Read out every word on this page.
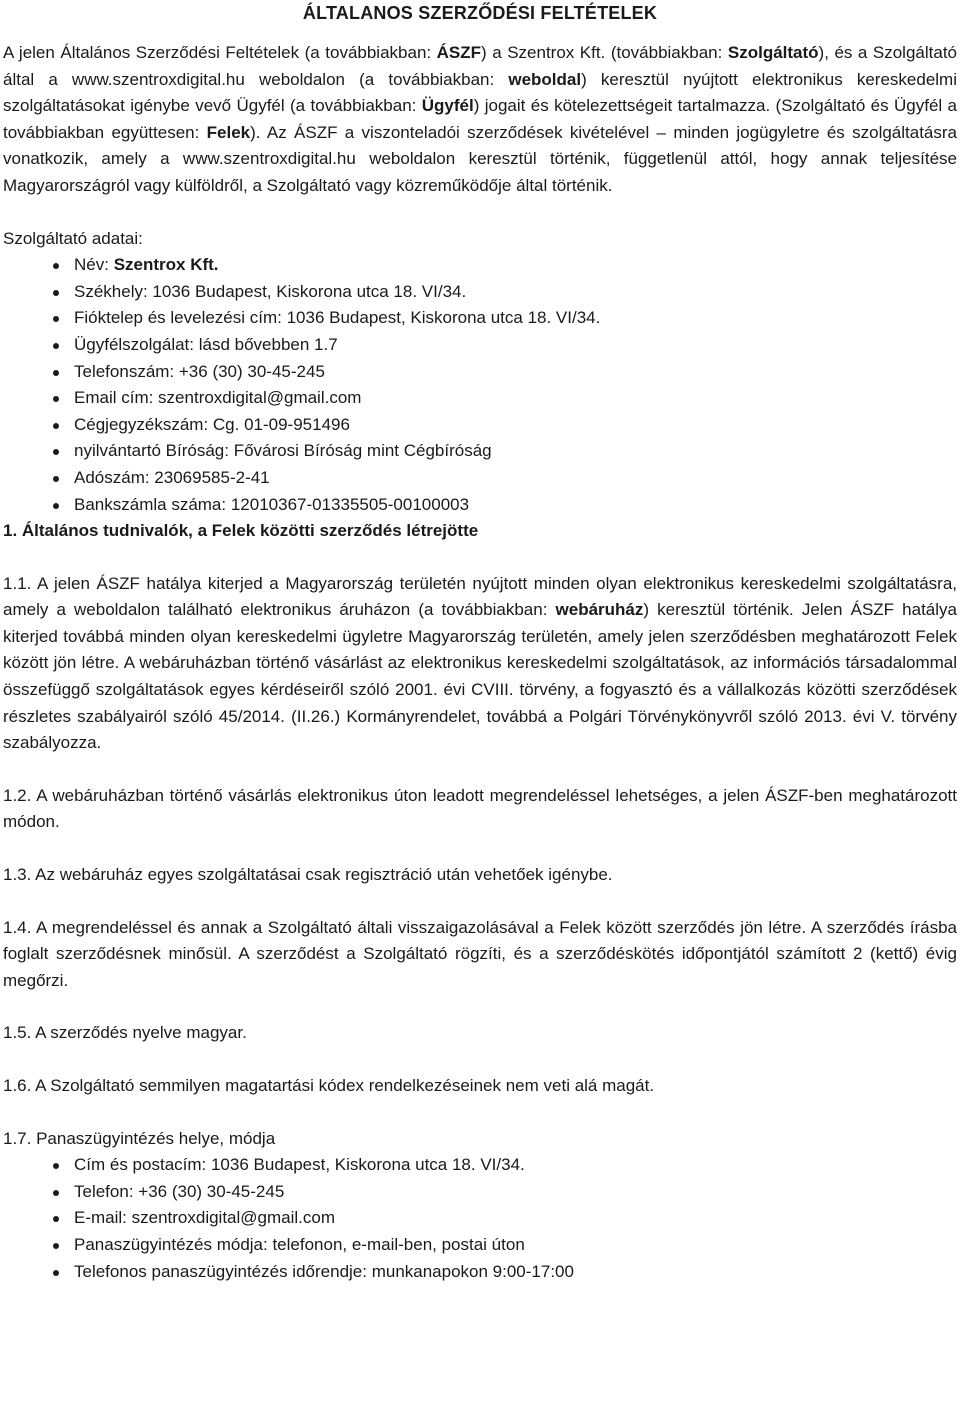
ÁLTALANOS SZERZŐDÉSI FELTÉTELEK

A jelen Általános Szerződési Feltételek (a továbbiakban: ÁSZF) a Szentrox Kft. (továbbiakban: Szolgáltató), és a Szolgáltató által a www.szentroxdigital.hu weboldalon (a továbbiakban: weboldal) keresztül nyújtott elektronikus kereskedelmi szolgáltatásokat igénybe vevő Ügyfél (a továbbiakban: Ügyfél) jogait és kötelezettségeit tartalmazza. (Szolgáltató és Ügyfél a továbbiakban együttesen: Felek). Az ÁSZF a viszonteladói szerződések kivételével – minden jogügyletre és szolgáltatásra vonatkozik, amely a www.szentroxdigital.hu weboldalon keresztül történik, függetlenül attól, hogy annak teljesítése Magyarországról vagy külföldről, a Szolgáltató vagy közreműködője által történik.

Szolgáltató adatai:

Név: Szentrox Kft.
Székhely: 1036 Budapest, Kiskorona utca 18. VI/34.
Fióktelep és levelezési cím: 1036 Budapest, Kiskorona utca 18. VI/34.
Ügyfélszolgálat: lásd bővebben 1.7
Telefonszám: +36 (30) 30-45-245
Email cím: szentroxdigital@gmail.com
Cégjegyzékszám: Cg. 01-09-951496
nyilvántartó Bíróság: Fővárosi Bíróság mint Cégbíróság
Adószám: 23069585-2-41
Bankszámla száma: 12010367-01335505-00100003

1. Általános tudnivalók, a Felek közötti szerződés létrejötte

1.1. A jelen ÁSZF hatálya kiterjed a Magyarország területén nyújtott minden olyan elektronikus kereskedelmi szolgáltatásra, amely a weboldalon található elektronikus áruházon (a továbbiakban: webáruház) keresztül történik. Jelen ÁSZF hatálya kiterjed továbbá minden olyan kereskedelmi ügyletre Magyarország területén, amely jelen szerződésben meghatározott Felek között jön létre. A webáruházban történő vásárlást az elektronikus kereskedelmi szolgáltatások, az információs társadalommal összefüggő szolgáltatások egyes kérdéseiről szóló 2001. évi CVIII. törvény, a fogyasztó és a vállalkozás közötti szerződések részletes szabályairól szóló 45/2014. (II.26.) Kormányrendelet, továbbá a Polgári Törvénykönyvről szóló 2013. évi V. törvény szabályozza.

1.2. A webáruházban történő vásárlás elektronikus úton leadott megrendeléssel lehetséges, a jelen ÁSZF-ben meghatározott módon.

1.3. Az webáruház egyes szolgáltatásai csak regisztráció után vehetőek igénybe.

1.4. A megrendeléssel és annak a Szolgáltató általi visszaigazolásával a Felek között szerződés jön létre. A szerződés írásba foglalt szerződésnek minősül. A szerződést a Szolgáltató rögzíti, és a szerződéskötés időpontjától számított 2 (kettő) évig megőrzi.

1.5. A szerződés nyelve magyar.

1.6. A Szolgáltató semmilyen magatartási kódex rendelkezéseinek nem veti alá magát.

1.7. Panaszügyintézés helye, módja

Cím és postacím: 1036 Budapest, Kiskorona utca 18. VI/34.
Telefon: +36 (30) 30-45-245
E-mail: szentroxdigital@gmail.com
Panaszügyintézés módja: telefonon, e-mail-ben, postai úton
Telefonos panaszügyintézés időrendje: munkanapokon 9:00-17:00
